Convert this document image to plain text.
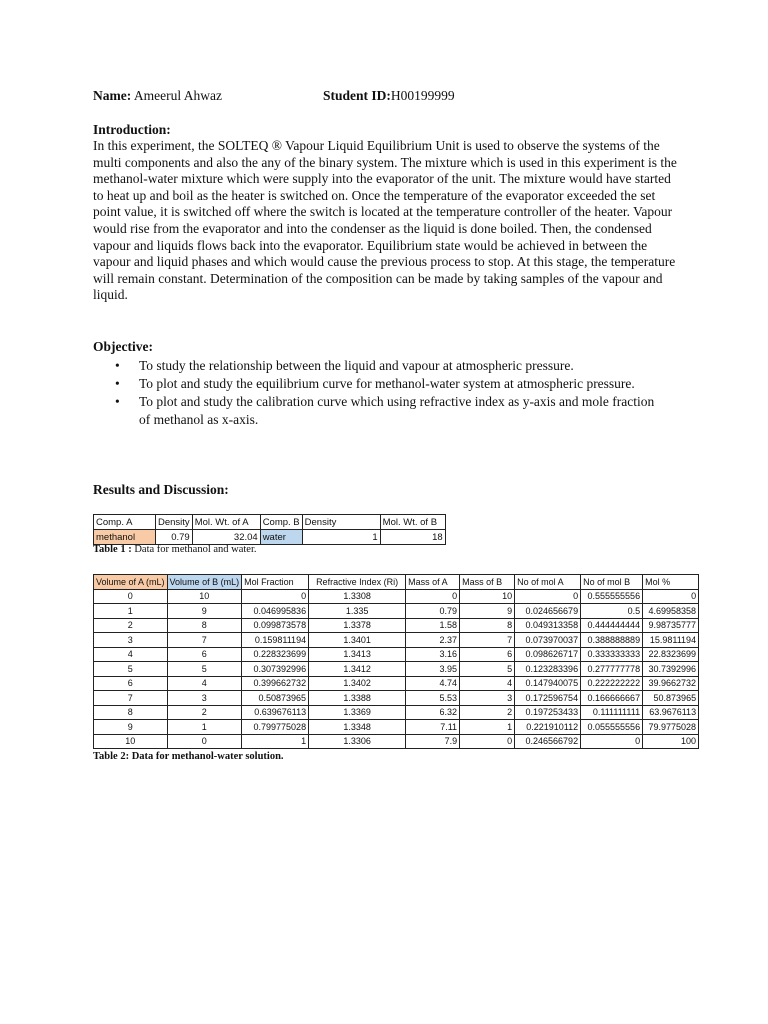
Name: Ameerul Ahwaz	Student ID:H00199999
Introduction:

In this experiment, the SOLTEQ ® Vapour Liquid Equilibrium Unit is used to observe the systems of the multi components and also the any of the binary system. The mixture which is used in this experiment is the methanol-water mixture which were supply into the evaporator of the unit. The mixture would have started to heat up and boil as the heater is switched on. Once the temperature of the evaporator exceeded the set point value, it is switched off where the switch is located at the temperature controller of the heater. Vapour would rise from the evaporator and into the condenser as the liquid is done boiled. Then, the condensed vapour and liquids flows back into the evaporator. Equilibrium state would be achieved in between the vapour and liquid phases and which would cause the previous process to stop. At this stage, the temperature will remain constant. Determination of the composition can be made by taking samples of the vapour and liquid.

Objective:
• To study the relationship between the liquid and vapour at atmospheric pressure.
• To plot and study the equilibrium curve for methanol-water system at atmospheric pressure.
• To plot and study the calibration curve which using refractive index as y-axis and mole fraction of methanol as x-axis.
Results and Discussion:
Comp. A	Density	Mol. Wt. of A	Comp. B	Density	Mol. Wt. of B
methanol	0.79	32.04	water	1	18
Table 1 : Data for methanol and water.
Volume of A (mL)	Volume of B (mL)	Mol Fraction	Refractive Index (Ri)	Mass of A	Mass of B	No of mol A	No of mol B	Mol %
0	10	0	1.3308	0	10	0	0.555555556	0
1	9	0.046995836	1.335	0.79	9	0.024656679	0.5	4.69958358
2	8	0.099873578	1.3378	1.58	8	0.049313358	0.444444444	9.98735777
3	7	0.159811194	1.3401	2.37	7	0.073970037	0.388888889	15.9811194
4	6	0.228323699	1.3413	3.16	6	0.098626717	0.333333333	22.8323699
5	5	0.307392996	1.3412	3.95	5	0.123283396	0.277777778	30.7392996
6	4	0.399662732	1.3402	4.74	4	0.147940075	0.222222222	39.9662732
7	3	0.50873965	1.3388	5.53	3	0.172596754	0.166666667	50.873965
8	2	0.639676113	1.3369	6.32	2	0.197253433	0.111111111	63.9676113
9	1	0.799775028	1.3348	7.11	1	0.221910112	0.055555556	79.9775028
10	0	1	1.3306	7.9	0	0.246566792	0	100
Table 2: Data for methanol-water solution.
